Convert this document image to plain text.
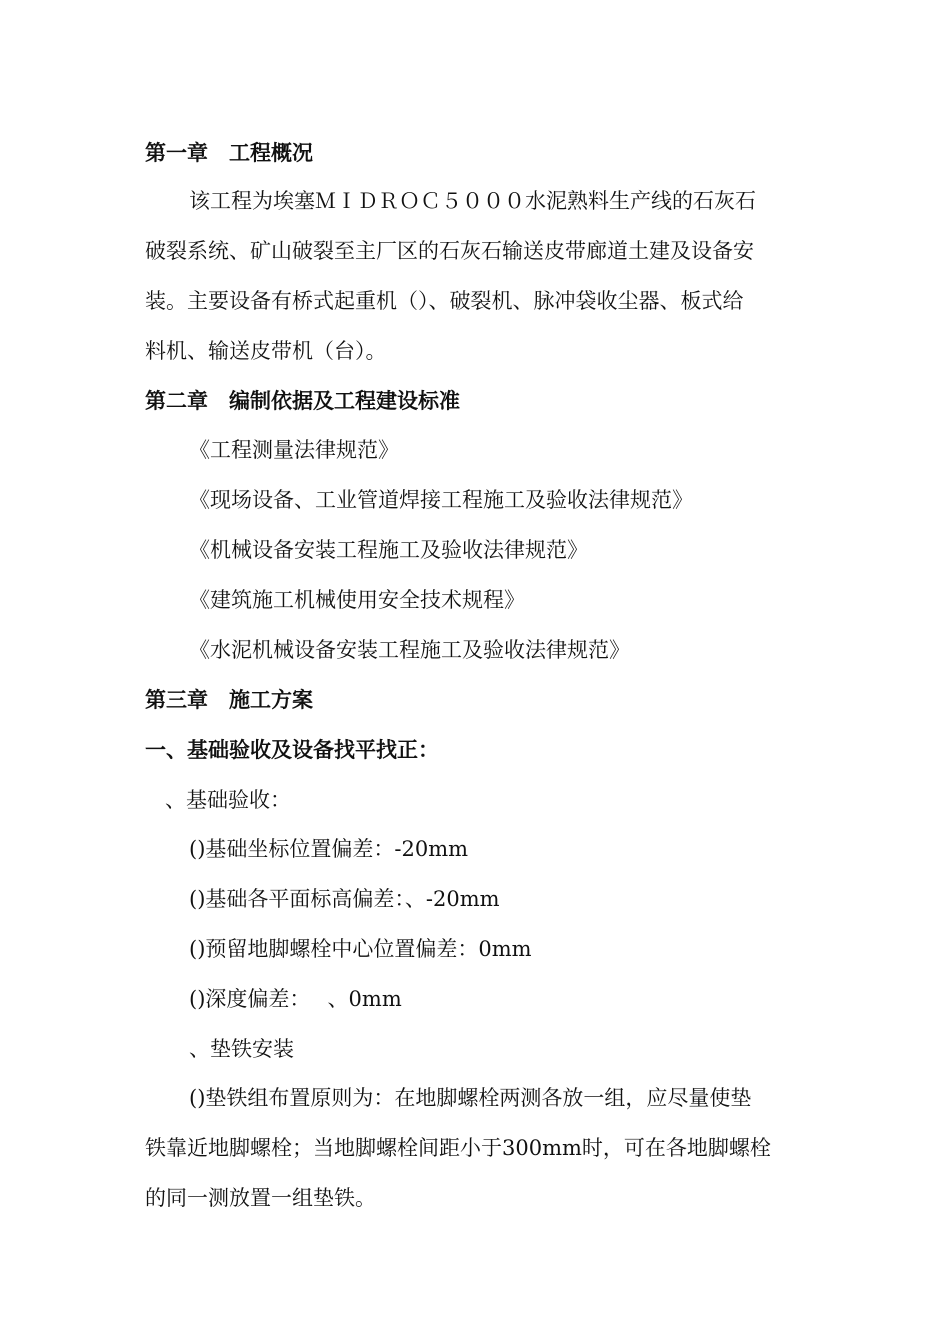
第一章　工程概况
该工程为埃塞ＭＩＤＲＯＣ５０００水泥熟料生产线的石灰石
破裂系统、矿山破裂至主厂区的石灰石输送皮带廊道土建及设备安
装。主要设备有桥式起重机（）、破裂机、脉冲袋收尘器、板式给
料机、输送皮带机（台）。
第二章　编制依据及工程建设标准
《工程测量法律规范》
《现场设备、工业管道焊接工程施工及验收法律规范》
《机械设备安装工程施工及验收法律规范》
《建筑施工机械使用安全技术规程》
《水泥机械设备安装工程施工及验收法律规范》
第三章　施工方案
一、基础验收及设备找平找正：
、基础验收：
()基础坐标位置偏差：-20mm
()基础各平面标高偏差：、-20mm
()预留地脚螺栓中心位置偏差：0mm
()深度偏差：　 、0mm
、垫铁安装
()垫铁组布置原则为：在地脚螺栓两测各放一组，应尽量使垫
铁靠近地脚螺栓；当地脚螺栓间距小于300mm时，可在各地脚螺栓
的同一测放置一组垫铁。
